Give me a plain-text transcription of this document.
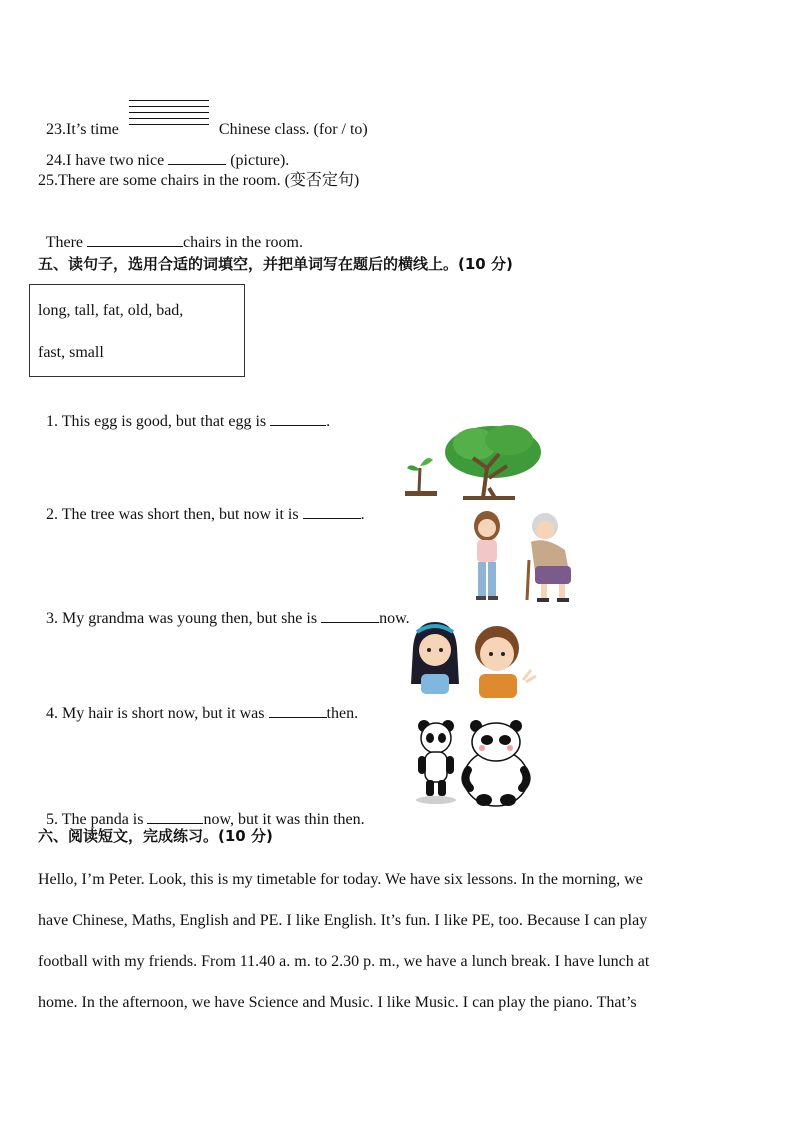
23.It’s time	Chinese class. (for / to)

24.I have two nice	(picture).

25.There are some chairs in the room. (变否定句)

There	chairs in the room.

五、读句子，选用合适的词填空，并把单词写在题后的横线上。(10 分)
long, tall, fat, old, bad,
fast, small

1. This egg is good, but that egg is	.

2. The tree was short then, but now it is	.

3. My grandma was young then, but she is	now.

4. My hair is short now, but it was	then.

5. The panda is	now, but it was thin then.

六、阅读短文，完成练习。(10 分)
Hello, I’m Peter. Look, this is my timetable for today. We have six lessons. In the morning, we
have Chinese, Maths, English and PE. I like English. It’s fun. I like PE, too. Because I can play
football with my friends. From 11.40 a. m. to 2.30 p. m., we have a lunch break. I have lunch at
home. In the afternoon, we have Science and Music. I like Music. I can play the piano. That’s
